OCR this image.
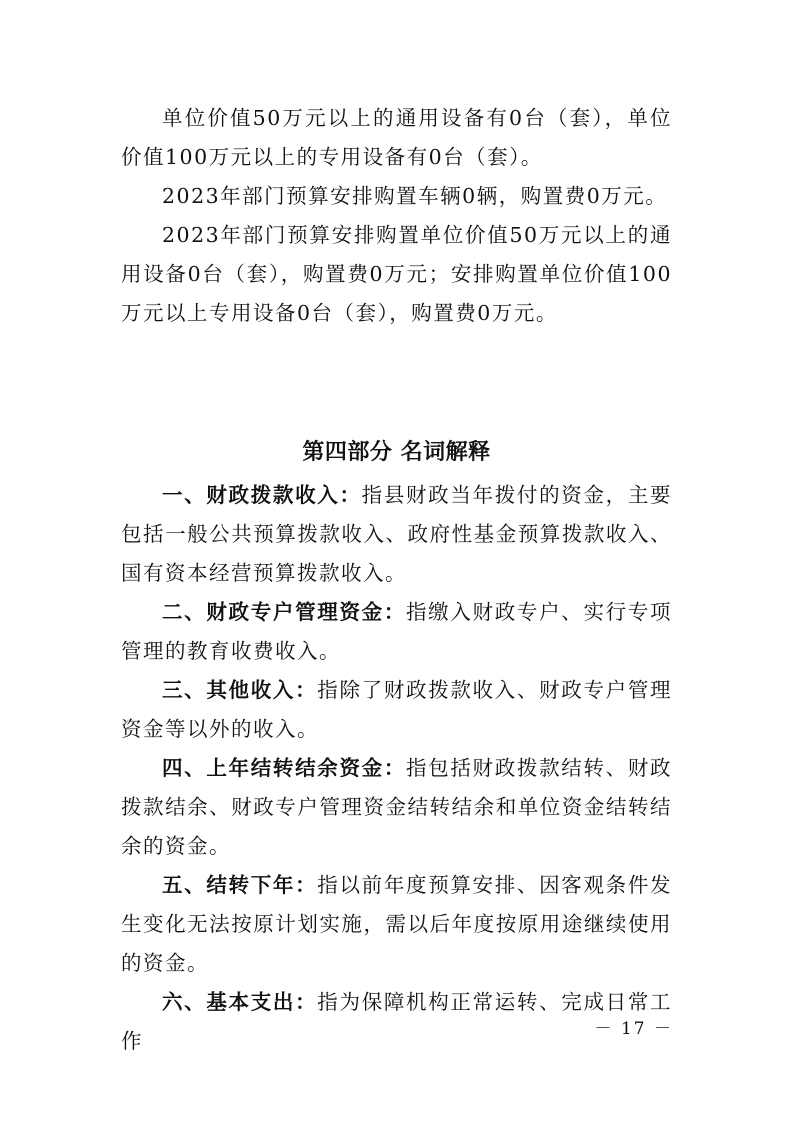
单位价值50万元以上的通用设备有0台（套），单位价值100万元以上的专用设备有0台（套）。

2023年部门预算安排购置车辆0辆，购置费0万元。

2023年部门预算安排购置单位价值50万元以上的通用设备0台（套），购置费0万元；安排购置单位价值100万元以上专用设备0台（套），购置费0万元。

第四部分 名词解释

一、财政拨款收入：指县财政当年拨付的资金，主要包括一般公共预算拨款收入、政府性基金预算拨款收入、国有资本经营预算拨款收入。

二、财政专户管理资金：指缴入财政专户、实行专项管理的教育收费收入。

三、其他收入：指除了财政拨款收入、财政专户管理资金等以外的收入。

四、上年结转结余资金：指包括财政拨款结转、财政拨款结余、财政专户管理资金结转结余和单位资金结转结余的资金。

五、结转下年：指以前年度预算安排、因客观条件发生变化无法按原计划实施，需以后年度按原用途继续使用的资金。

六、基本支出：指为保障机构正常运转、完成日常工作	－ 17 －
